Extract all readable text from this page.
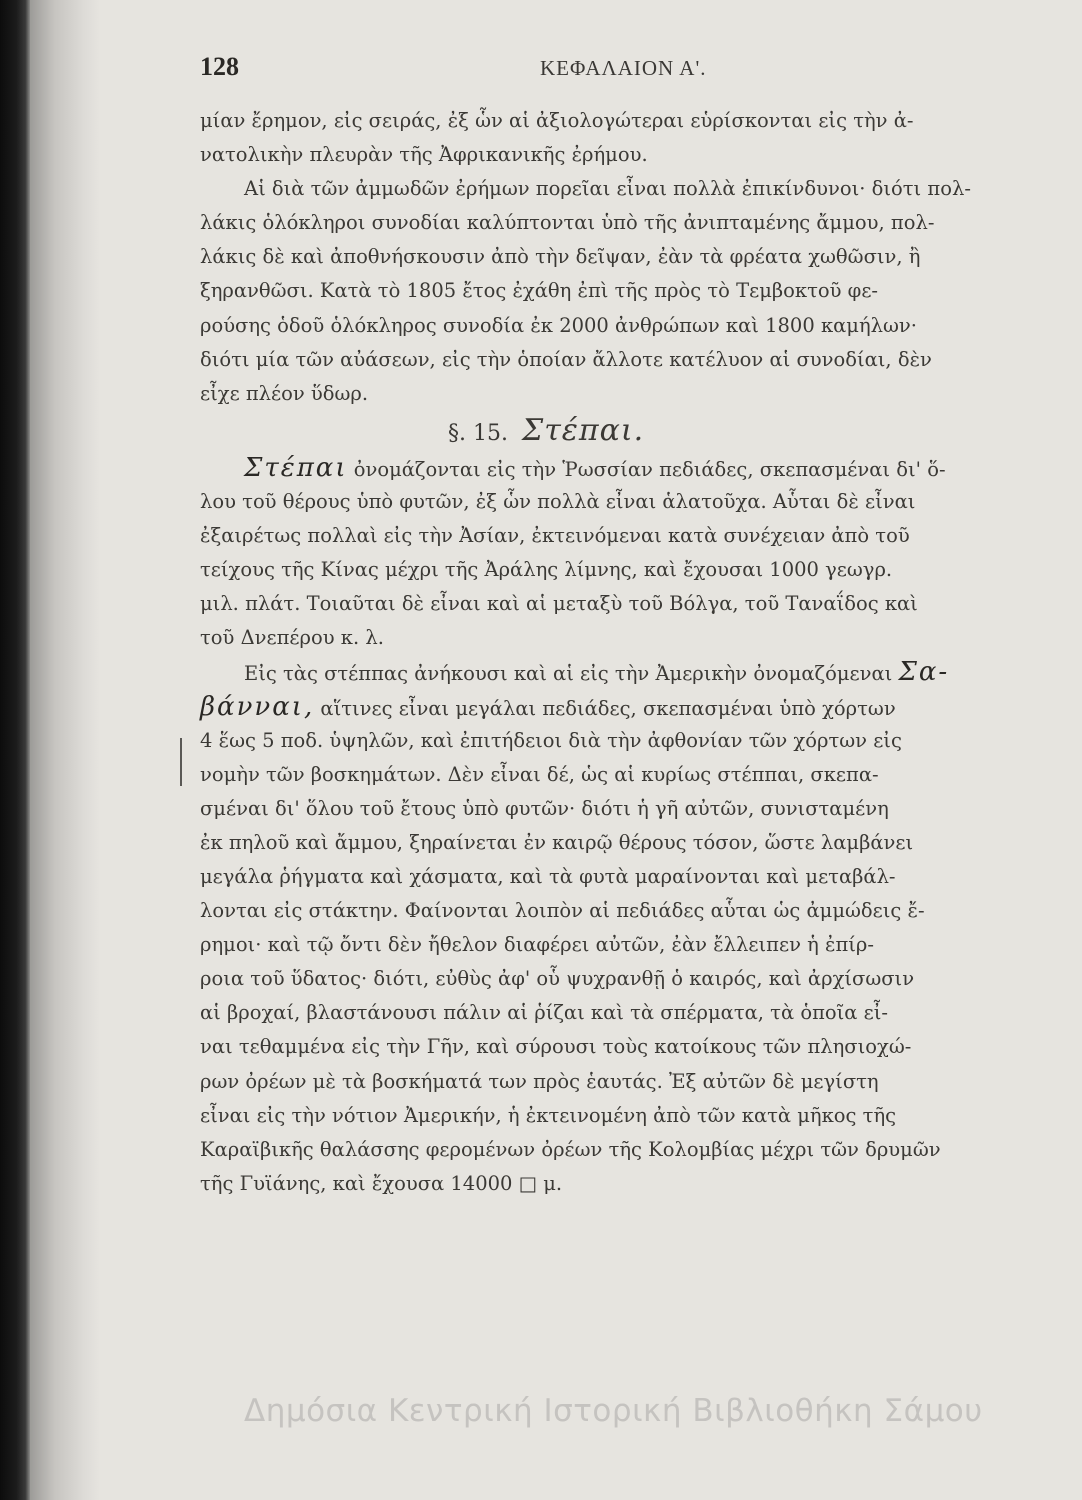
128	ΚΕΦΑΛΑΙΟΝ Α'.
μίαν ἔρημον, εἰς σειράς, ἐξ ὧν αἱ ἀξιολογώτεραι εὑρίσκονται εἰς τὴν ἀ-
νατολικὴν πλευρὰν τῆς Ἀφρικανικῆς ἐρήμου.
Αἱ διὰ τῶν ἀμμωδῶν ἐρήμων πορεῖαι εἶναι πολλὰ ἐπικίνδυνοι· διότι πολ-
λάκις ὁλόκληροι συνοδίαι καλύπτονται ὑπὸ τῆς ἀνιπταμένης ἄμμου, πολ-
λάκις δὲ καὶ ἀποθνήσκουσιν ἀπὸ τὴν δεῖψαν, ἐὰν τὰ φρέατα χωθῶσιν, ἢ
ξηρανθῶσι. Κατὰ τὸ 1805 ἔτος ἐχάθη ἐπὶ τῆς πρὸς τὸ Τεμβοκτοῦ φε-
ρούσης ὁδοῦ ὁλόκληρος συνοδία ἐκ 2000 ἀνθρώπων καὶ 1800 καμήλων·
διότι μία τῶν αὐάσεων, εἰς τὴν ὁποίαν ἄλλοτε κατέλυον αἱ συνοδίαι, δὲν
εἶχε πλέον ὕδωρ.
§. 15. Στέπαι.
Στέπαι ὀνομάζονται εἰς τὴν Ῥωσσίαν πεδιάδες, σκεπασμέναι δι' ὅ-
λου τοῦ θέρους ὑπὸ φυτῶν, ἐξ ὧν πολλὰ εἶναι ἁλατοῦχα. Αὗται δὲ εἶναι
ἐξαιρέτως πολλαὶ εἰς τὴν Ἀσίαν, ἐκτεινόμεναι κατὰ συνέχειαν ἀπὸ τοῦ
τείχους τῆς Κίνας μέχρι τῆς Ἀράλης λίμνης, καὶ ἔχουσαι 1000 γεωγρ.
μιλ. πλάτ. Τοιαῦται δὲ εἶναι καὶ αἱ μεταξὺ τοῦ Βόλγα, τοῦ Ταναΐδος καὶ
τοῦ Δνεπέρου κ. λ.
Εἰς τὰς στέππας ἀνήκουσι καὶ αἱ εἰς τὴν Ἀμερικὴν ὀνομαζόμεναι Σα-
βάνναι, αἵτινες εἶναι μεγάλαι πεδιάδες, σκεπασμέναι ὑπὸ χόρτων
4 ἕως 5 ποδ. ὑψηλῶν, καὶ ἐπιτήδειοι διὰ τὴν ἀφθονίαν τῶν χόρτων εἰς
νομὴν τῶν βοσκημάτων. Δὲν εἶναι δέ, ὡς αἱ κυρίως στέππαι, σκεπα-
σμέναι δι' ὅλου τοῦ ἔτους ὑπὸ φυτῶν· διότι ἡ γῆ αὐτῶν, συνισταμένη
ἐκ πηλοῦ καὶ ἄμμου, ξηραίνεται ἐν καιρῷ θέρους τόσον, ὥστε λαμβάνει
μεγάλα ῥήγματα καὶ χάσματα, καὶ τὰ φυτὰ μαραίνονται καὶ μεταβάλ-
λονται εἰς στάκτην. Φαίνονται λοιπὸν αἱ πεδιάδες αὗται ὡς ἀμμώδεις ἔ-
ρημοι· καὶ τῷ ὄντι δὲν ἤθελον διαφέρει αὐτῶν, ἐὰν ἔλλειπεν ἡ ἐπίρ-
ροια τοῦ ὕδατος· διότι, εὐθὺς ἀφ' οὗ ψυχρανθῇ ὁ καιρός, καὶ ἀρχίσωσιν
αἱ βροχαί, βλαστάνουσι πάλιν αἱ ῥίζαι καὶ τὰ σπέρματα, τὰ ὁποῖα εἶ-
ναι τεθαμμένα εἰς τὴν Γῆν, καὶ σύρουσι τοὺς κατοίκους τῶν πλησιοχώ-
ρων ὀρέων μὲ τὰ βοσκήματά των πρὸς ἑαυτάς. Ἐξ αὐτῶν δὲ μεγίστη
εἶναι εἰς τὴν νότιον Ἀμερικήν, ἡ ἐκτεινομένη ἀπὸ τῶν κατὰ μῆκος τῆς
Καραϊβικῆς θαλάσσης φερομένων ὀρέων τῆς Κολομβίας μέχρι τῶν δρυμῶν
τῆς Γυϊάνης, καὶ ἔχουσα 14000 □ μ.
Δημόσια Κεντρική Ιστορική Βιβλιοθήκη Σάμου
